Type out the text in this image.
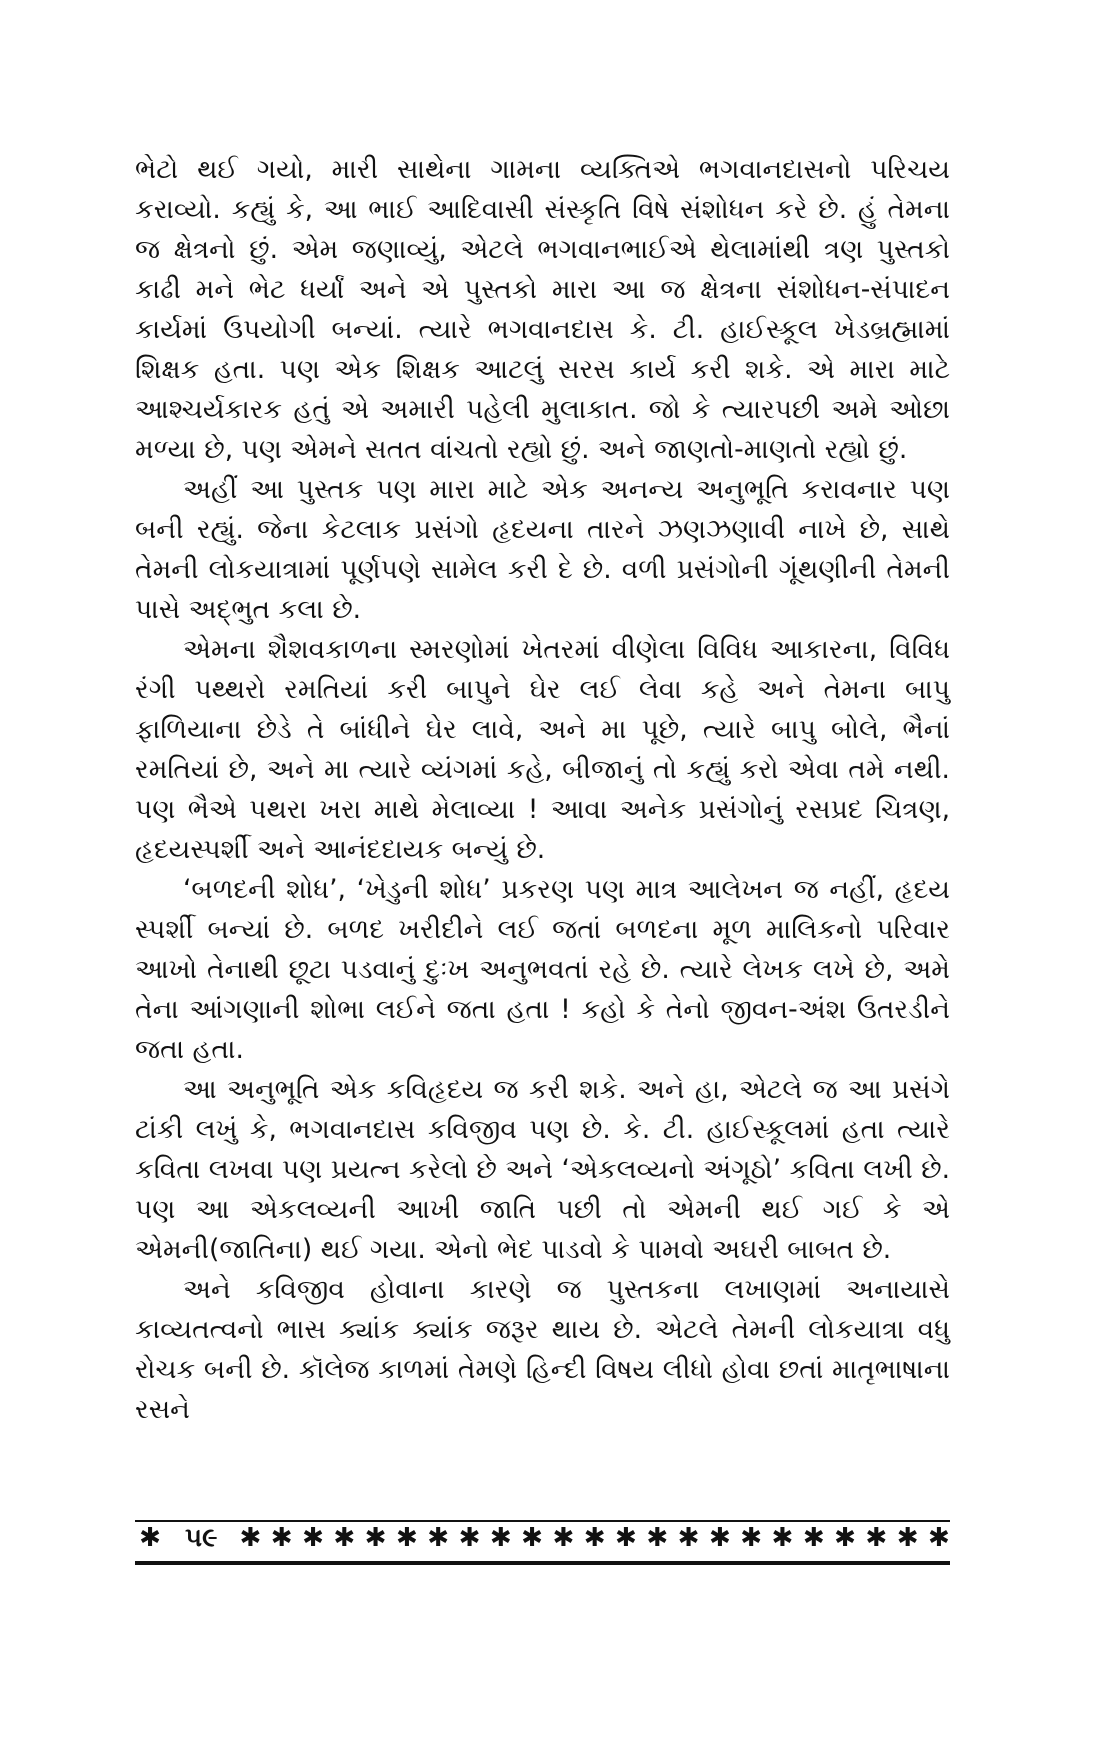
ભેટો થઈ ગયો, મારી સાથેના ગામના વ્યક્તિએ ભગવાનદાસનો પરિચય કરાવ્યો. કહ્યું કે, આ ભાઈ આદિવાસી સંસ્કૃતિ વિષે સંશોધન કરે છે. હું તેમના જ ક્ષેત્રનો છું. એમ જણાવ્યું, એટલે ભગવાનભાઈએ થેલામાંથી ત્રણ પુસ્તકો કાઢી મને ભેટ ધર્યાં અને એ પુસ્તકો મારા આ જ ક્ષેત્રના સંશોધન-સંપાદન કાર્યમાં ઉપયોગી બન્યાં. ત્યારે ભગવાનદાસ કે. ટી. હાઈસ્કૂલ ખેડબ્રહ્મામાં શિક્ષક હતા. પણ એક શિક્ષક આટલું સરસ કાર્ય કરી શકે. એ મારા માટે આશ્ચર્યકારક હતું એ અમારી પહેલી મુલાકાત. જો કે ત્યારપછી અમે ઓછા મળ્યા છે, પણ એમને સતત વાંચતો રહ્યો છું. અને જાણતો-માણતો રહ્યો છું.

અહીં આ પુસ્તક પણ મારા માટે એક અનન્ય અનુભૂતિ કરાવનાર પણ બની રહ્યું. જેના કેટલાક પ્રસંગો હૃદયના તારને ઝણઝણાવી નાખે છે, સાથે તેમની લોકયાત્રામાં પૂર્ણપણે સામેલ કરી દે છે. વળી પ્રસંગોની ગૂંથણીની તેમની પાસે અદ્‌ભુત કલા છે.

એમના શૈશવકાળના સ્મરણોમાં ખેતરમાં વીણેલા વિવિધ આકારના, વિવિધ રંગી પથ્થરો રમતિયાં કરી બાપુને ઘેર લઈ લેવા કહે અને તેમના બાપુ ફાળિયાના છેડે તે બાંધીને ઘેર લાવે, અને મા પૂછે, ત્યારે બાપુ બોલે, ભૈનાં રમતિયાં છે, અને મા ત્યારે વ્યંગમાં કહે, બીજાનું તો કહ્યું કરો એવા તમે નથી. પણ ભૈએ પથરા ખરા માથે મેલાવ્યા ! આવા અનેક પ્રસંગોનું રસપ્રદ ચિત્રણ, હૃદયસ્પર્શી અને આનંદદાયક બન્યું છે.

‘બળદની શોધ’, ‘ખેડુની શોધ’ પ્રકરણ પણ માત્ર આલેખન જ નહીં, હૃદય સ્પર્શી બન્યાં છે. બળદ ખરીદીને લઈ જતાં બળદના મૂળ માલિકનો પરિવાર આખો તેનાથી છૂટા પડવાનું દુઃખ અનુભવતાં રહે છે. ત્યારે લેખક લખે છે, અમે તેના આંગણાની શોભા લઈને જતા હતા ! કહો કે તેનો જીવન-અંશ ઉતરડીને જતા હતા.

આ અનુભૂતિ એક કવિહૃદય જ કરી શકે. અને હા, એટલે જ આ પ્રસંગે ટાંકી લખું કે, ભગવાનદાસ કવિજીવ પણ છે. કે. ટી. હાઈસ્કૂલમાં હતા ત્યારે કવિતા લખવા પણ પ્રયત્ન કરેલો છે અને ‘એકલવ્યનો અંગૂઠો’ કવિતા લખી છે. પણ આ એકલવ્યની આખી જાતિ પછી તો એમની થઈ ગઈ કે એ એમની(જાતિના) થઈ ગયા. એનો ભેદ પાડવો કે પામવો અઘરી બાબત છે.

અને કવિજીવ હોવાના કારણે જ પુસ્તકના લખાણમાં અનાયાસે કાવ્યતત્વનો ભાસ ક્યાંક ક્યાંક જરૂર થાય છે. એટલે તેમની લોકયાત્રા વધુ રોચક બની છે. કૉલેજ કાળમાં તેમણે હિન્દી વિષય લીધો હોવા છતાં માતૃભાષાના રસને

✱ ૫૯ ✱ ✱ ✱ ✱ ✱ ✱ ✱ ✱ ✱ ✱ ✱ ✱ ✱ ✱ ✱ ✱ ✱ ✱ ✱ ✱ ✱ ✱ ✱
